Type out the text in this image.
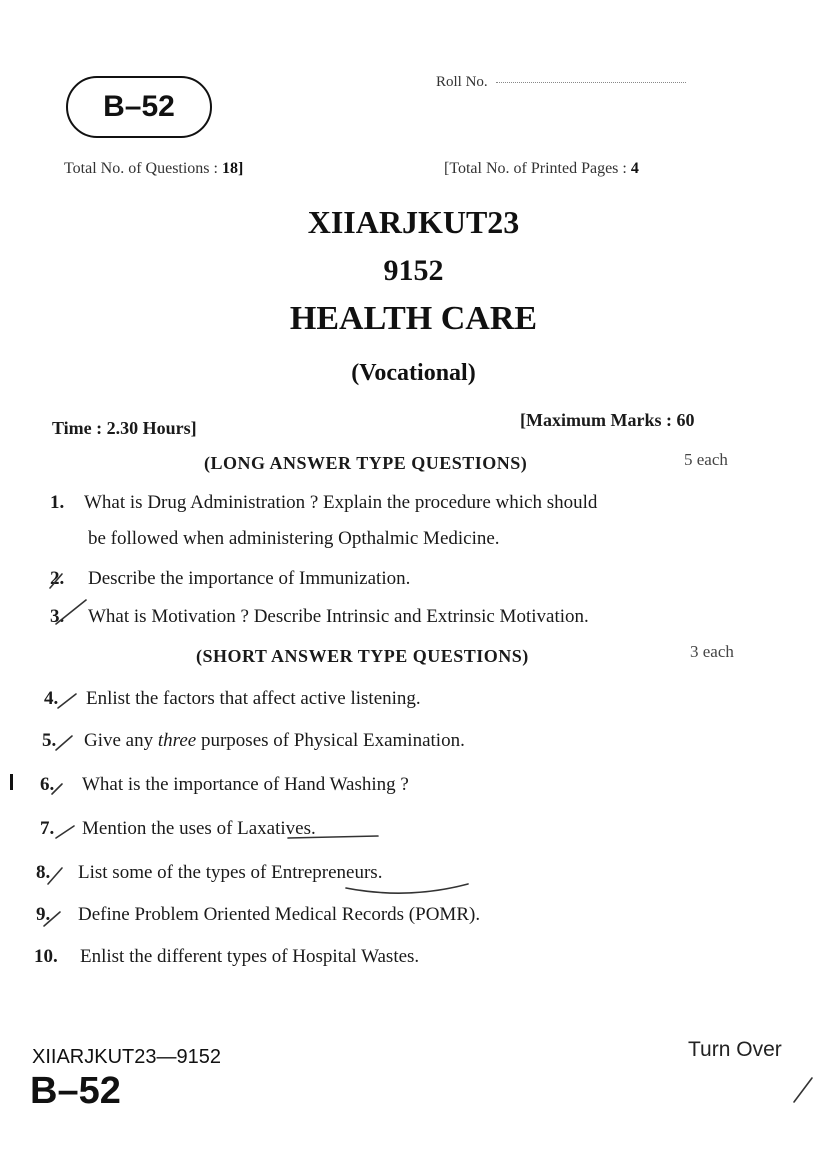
B–52
Roll No.
Total No. of Questions : 18]	[Total No. of Printed Pages : 4
XIIARJKUT23
9152
HEALTH CARE
(Vocational)
Time : 2.30 Hours]	[Maximum Marks : 60
(LONG ANSWER TYPE QUESTIONS)	5 each
1. What is Drug Administration ? Explain the procedure which should
be followed when administering Opthalmic Medicine.
2. Describe the importance of Immunization.
3. What is Motivation ? Describe Intrinsic and Extrinsic Motivation.
(SHORT ANSWER TYPE QUESTIONS)	3 each
4. Enlist the factors that affect active listening.
5. Give any three purposes of Physical Examination.
6. What is the importance of Hand Washing ?
7. Mention the uses of Laxatives.
8. List some of the types of Entrepreneurs.
9. Define Problem Oriented Medical Records (POMR).
10. Enlist the different types of Hospital Wastes.
XIIARJKUT23—9152
B–52
Turn Over
